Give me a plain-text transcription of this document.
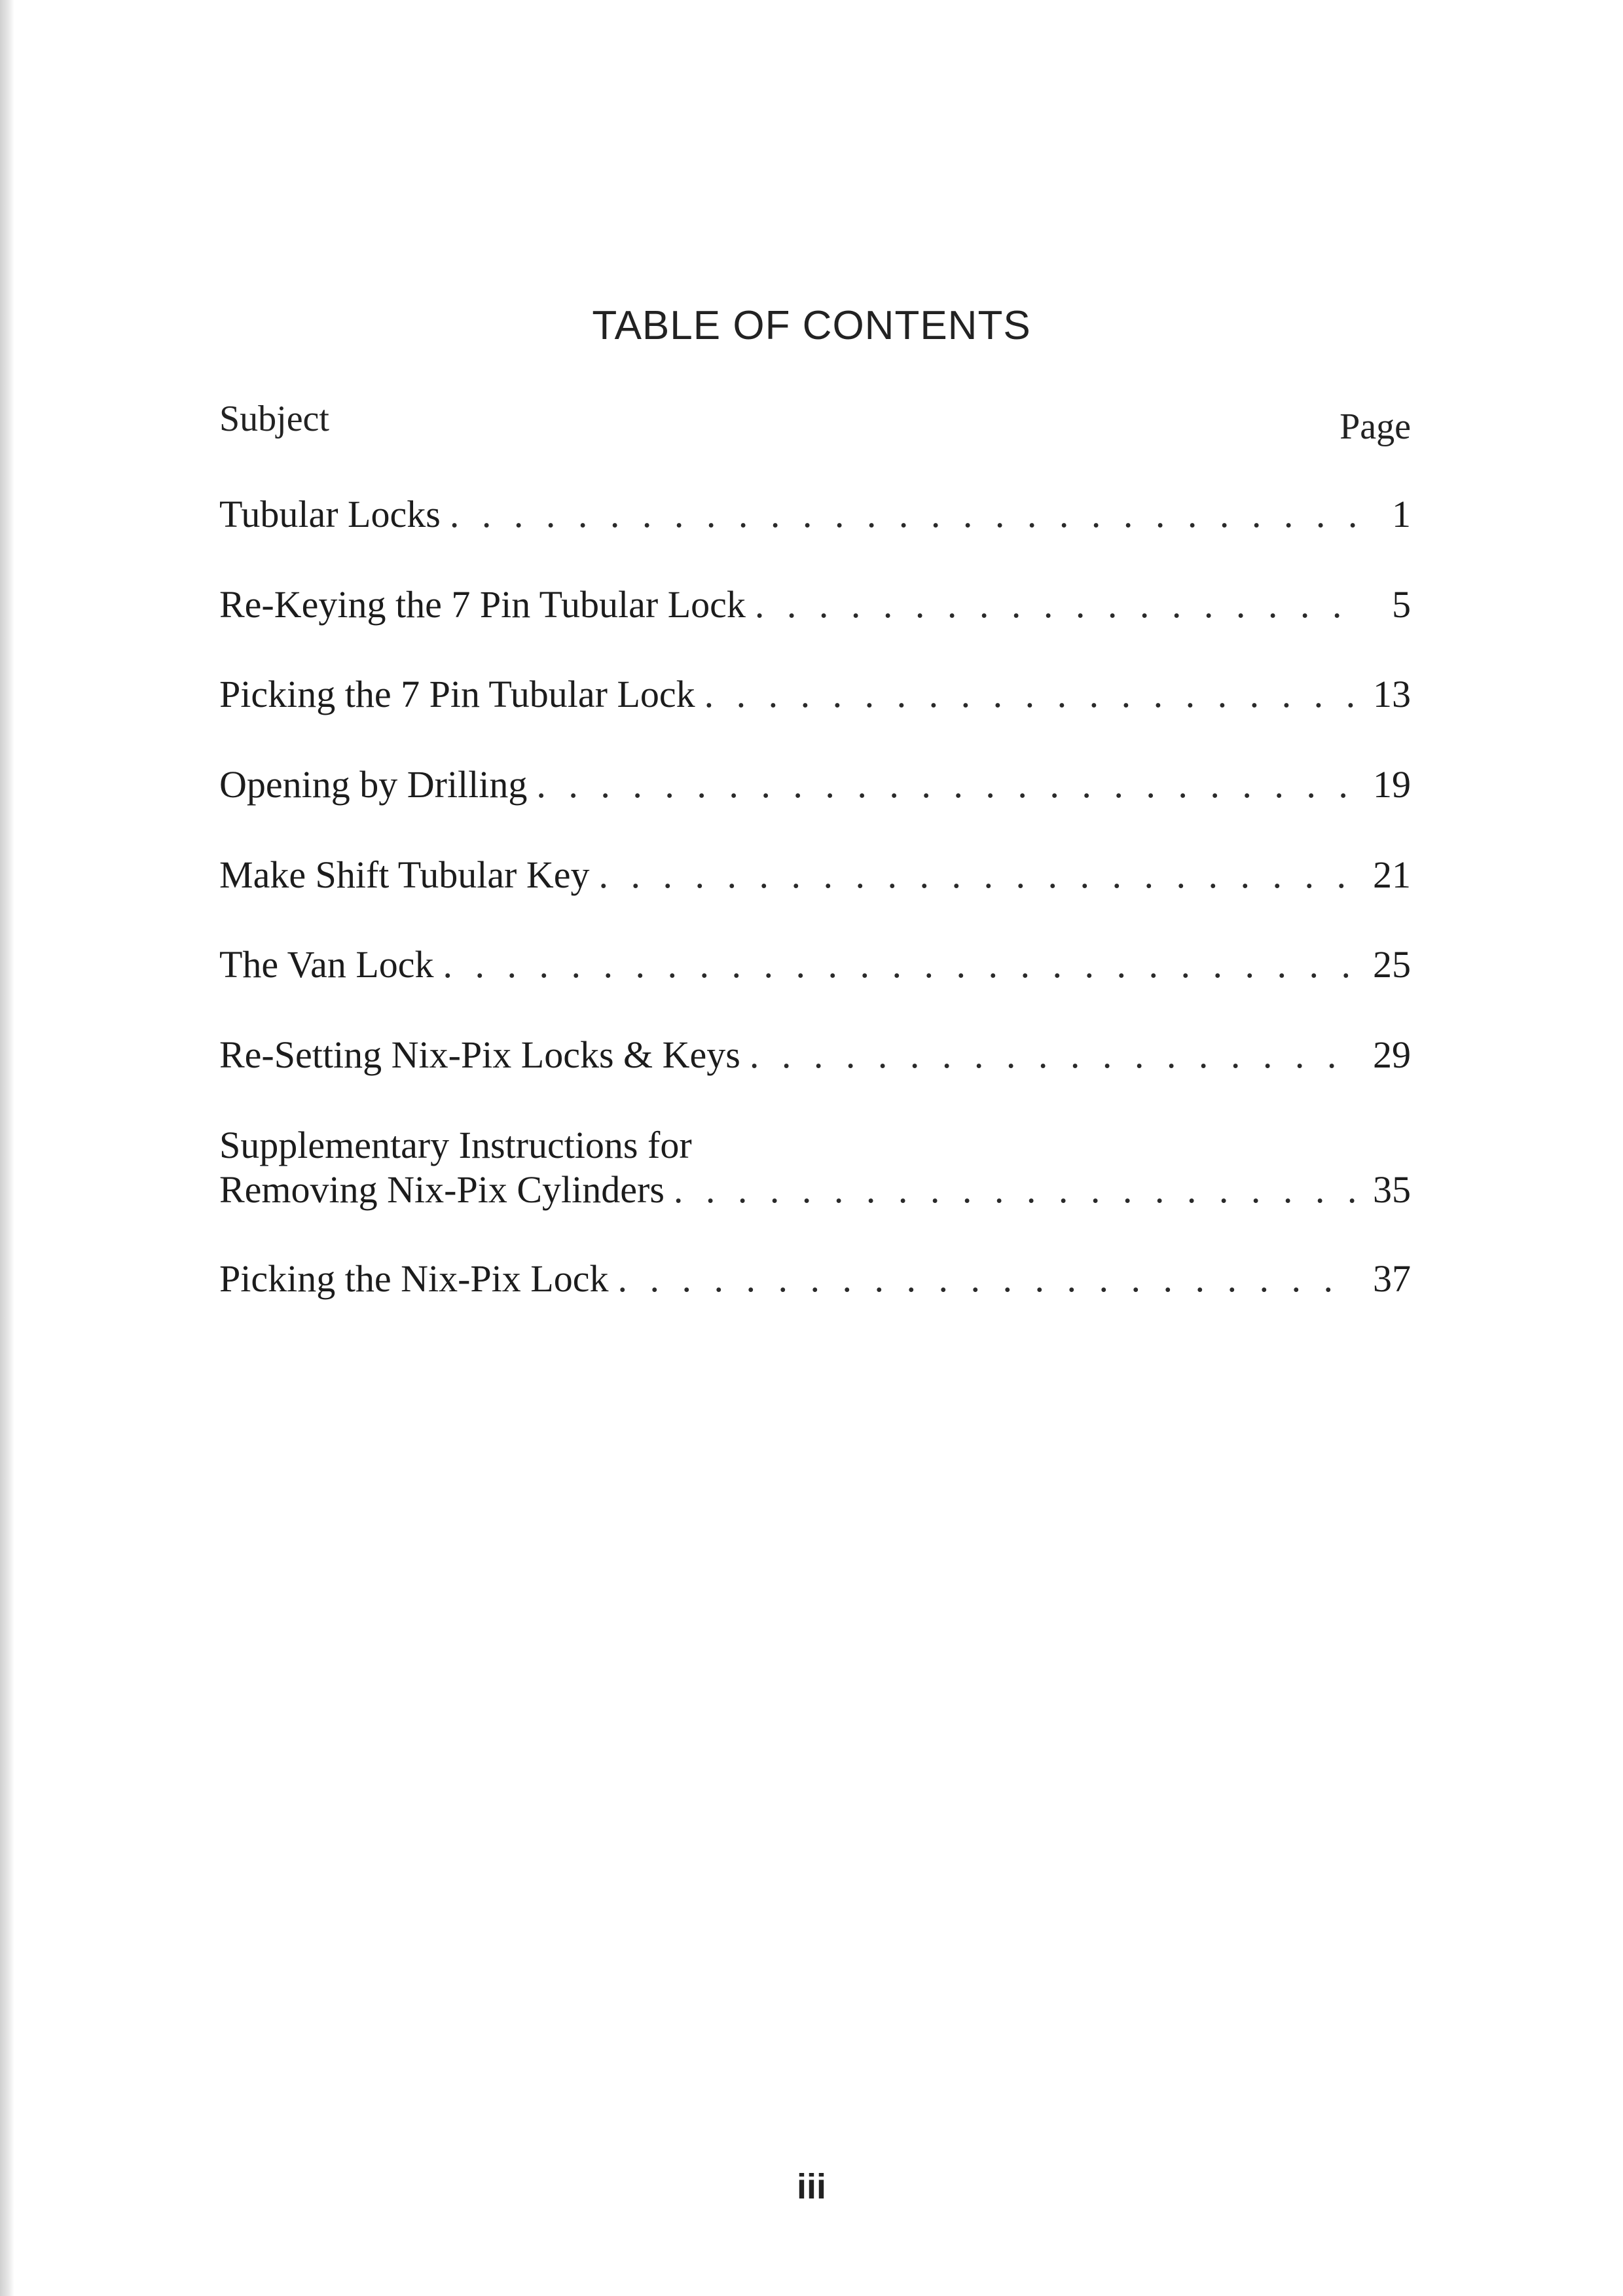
TABLE OF CONTENTS
Subject	Page
Tubular Locks . . .	1
Re-Keying the 7 Pin Tubular Lock . . .	5
Picking the 7 Pin Tubular Lock . . .	13
Opening by Drilling . . .	19
Make Shift Tubular Key . . .	21
The Van Lock . . .	25
Re-Setting Nix-Pix Locks & Keys . . .	29
Supplementary Instructions for
Removing Nix-Pix Cylinders . . .	35
Picking the Nix-Pix Lock . . .	37
iii
